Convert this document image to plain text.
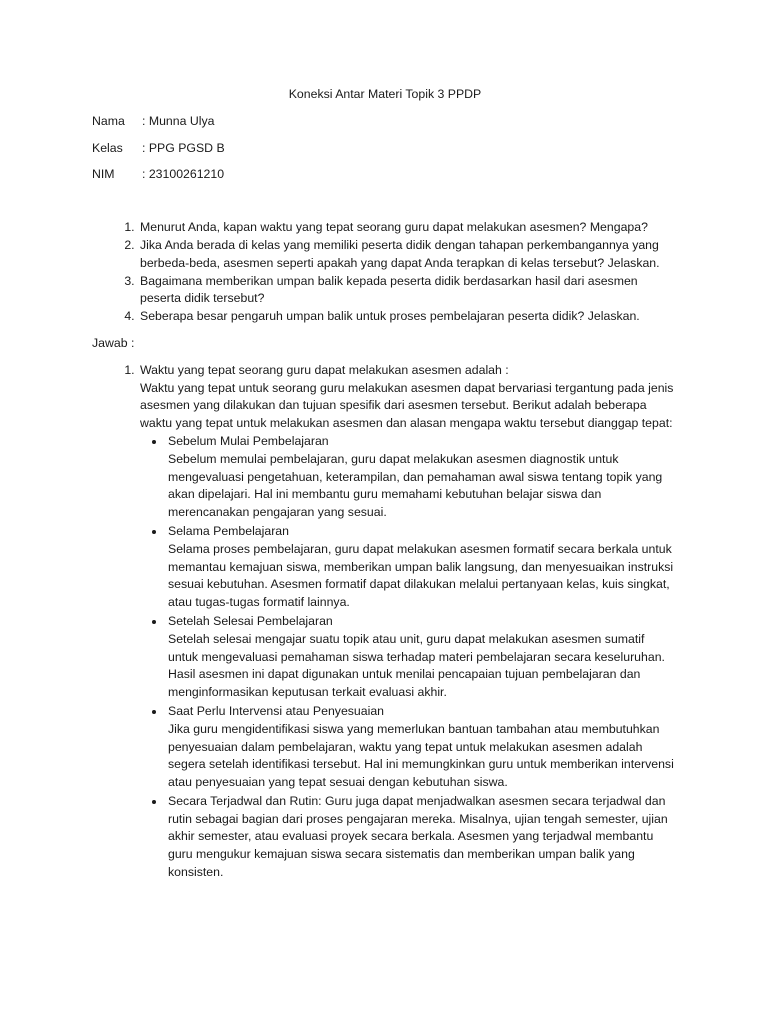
Koneksi Antar Materi Topik 3 PPDP
Nama	: Munna Ulya
Kelas	: PPG PGSD B
NIM	: 23100261210
1. Menurut Anda, kapan waktu yang tepat seorang guru dapat melakukan asesmen? Mengapa?
2. Jika Anda berada di kelas yang memiliki peserta didik dengan tahapan perkembangannya yang berbeda-beda, asesmen seperti apakah yang dapat Anda terapkan di kelas tersebut? Jelaskan.
3. Bagaimana memberikan umpan balik kepada peserta didik berdasarkan hasil dari asesmen peserta didik tersebut?
4. Seberapa besar pengaruh umpan balik untuk proses pembelajaran peserta didik? Jelaskan.
Jawab :
1. Waktu yang tepat seorang guru dapat melakukan asesmen adalah :
Waktu yang tepat untuk seorang guru melakukan asesmen dapat bervariasi tergantung pada jenis asesmen yang dilakukan dan tujuan spesifik dari asesmen tersebut. Berikut adalah beberapa waktu yang tepat untuk melakukan asesmen dan alasan mengapa waktu tersebut dianggap tepat:
• Sebelum Mulai Pembelajaran
Sebelum memulai pembelajaran, guru dapat melakukan asesmen diagnostik untuk mengevaluasi pengetahuan, keterampilan, dan pemahaman awal siswa tentang topik yang akan dipelajari. Hal ini membantu guru memahami kebutuhan belajar siswa dan merencanakan pengajaran yang sesuai.
• Selama Pembelajaran
Selama proses pembelajaran, guru dapat melakukan asesmen formatif secara berkala untuk memantau kemajuan siswa, memberikan umpan balik langsung, dan menyesuaikan instruksi sesuai kebutuhan. Asesmen formatif dapat dilakukan melalui pertanyaan kelas, kuis singkat, atau tugas-tugas formatif lainnya.
• Setelah Selesai Pembelajaran
Setelah selesai mengajar suatu topik atau unit, guru dapat melakukan asesmen sumatif untuk mengevaluasi pemahaman siswa terhadap materi pembelajaran secara keseluruhan. Hasil asesmen ini dapat digunakan untuk menilai pencapaian tujuan pembelajaran dan menginformasikan keputusan terkait evaluasi akhir.
• Saat Perlu Intervensi atau Penyesuaian
Jika guru mengidentifikasi siswa yang memerlukan bantuan tambahan atau membutuhkan penyesuaian dalam pembelajaran, waktu yang tepat untuk melakukan asesmen adalah segera setelah identifikasi tersebut. Hal ini memungkinkan guru untuk memberikan intervensi atau penyesuaian yang tepat sesuai dengan kebutuhan siswa.
• Secara Terjadwal dan Rutin: Guru juga dapat menjadwalkan asesmen secara terjadwal dan rutin sebagai bagian dari proses pengajaran mereka. Misalnya, ujian tengah semester, ujian akhir semester, atau evaluasi proyek secara berkala. Asesmen yang terjadwal membantu guru mengukur kemajuan siswa secara sistematis dan memberikan umpan balik yang konsisten.
